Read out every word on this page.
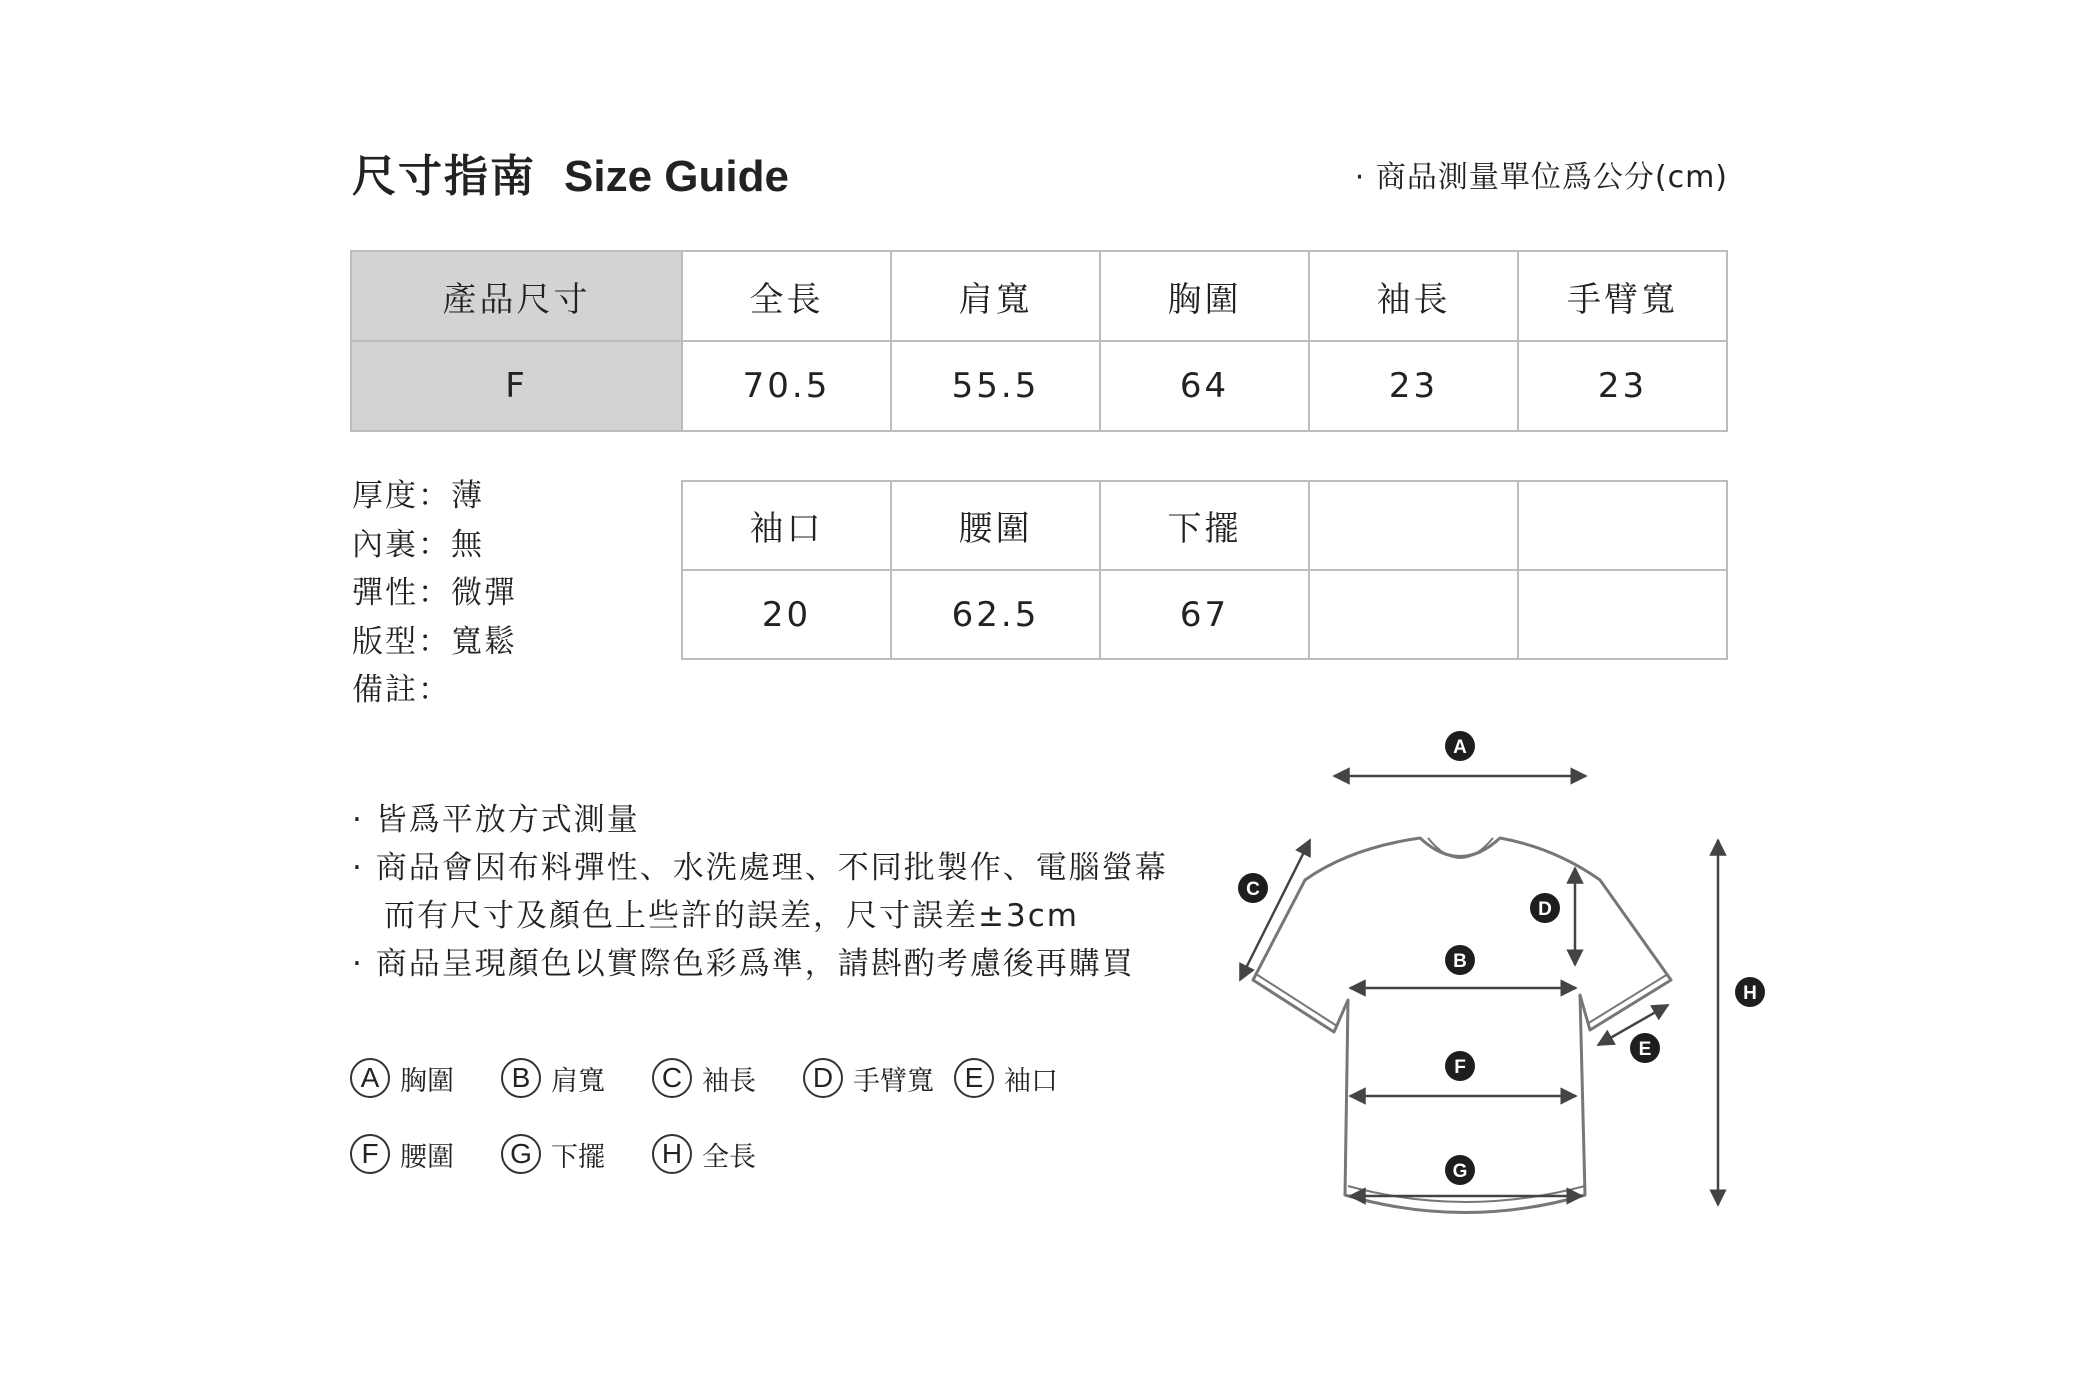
尺寸指南 Size Guide	· 商品測量單位爲公分(cm)
產品尺寸	全長	肩寬	胸圍	袖長	手臂寬
F	70.5	55.5	64	23	23
厚度：薄
內裏：無
彈性：微彈
版型：寬鬆
備註：
袖口	腰圍	下擺		
20	62.5	67		
· 皆爲平放方式測量
· 商品會因布料彈性、水洗處理、不同批製作、電腦螢幕
而有尺寸及顏色上些許的誤差，尺寸誤差±3cm
· 商品呈現顏色以實際色彩爲準，請斟酌考慮後再購買
A 胸圍	B 肩寬	C 袖長	D 手臂寬	E 袖口
F 腰圍	G 下擺	H 全長
A
B
C
D
E
F
G
H
